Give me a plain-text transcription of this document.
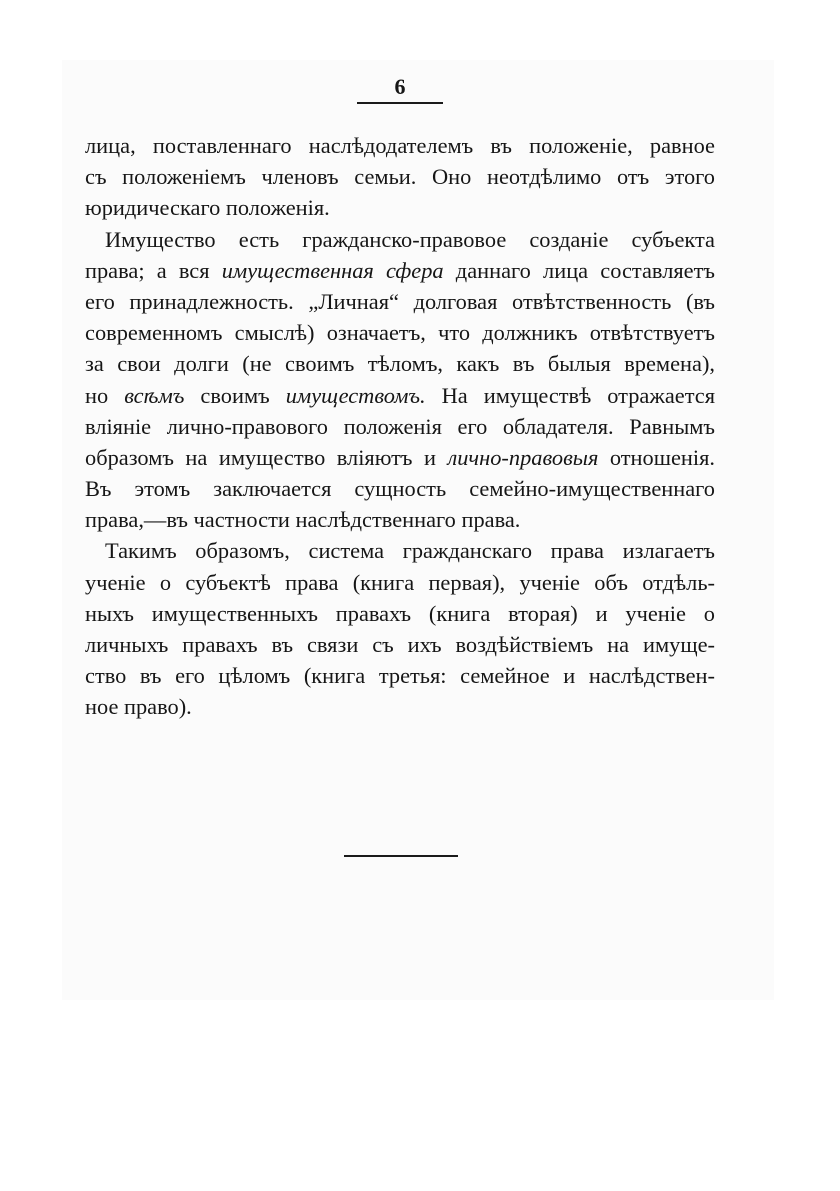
6
лица, поставленнаго наслѣдодателемъ въ положеніе, равное
съ положеніемъ членовъ семьи. Оно неотдѣлимо отъ этого
юридическаго положенія.
Имущество есть гражданско-правовое созданіе субъекта
права; а вся имущественная сфера даннаго лица составляетъ
его принадлежность. „Личная“ долговая отвѣтственность (въ
современномъ смыслѣ) означаетъ, что должникъ отвѣтствуетъ
за свои долги (не своимъ тѣломъ, какъ въ былыя времена),
но всѣмъ своимъ имуществомъ. На имуществѣ отражается
вліяніе лично-правового положенія его обладателя. Равнымъ
образомъ на имущество вліяютъ и лично-правовыя отношенія.
Въ этомъ заключается сущность семейно-имущественнаго
права,—въ частности наслѣдственнаго права.
Такимъ образомъ, система гражданскаго права излагаетъ
ученіе о субъектѣ права (книга первая), ученіе объ отдѣль-
ныхъ имущественныхъ правахъ (книга вторая) и ученіе о
личныхъ правахъ въ связи съ ихъ воздѣйствіемъ на имуще-
ство въ его цѣломъ (книга третья: семейное и наслѣдствен-
ное право).
